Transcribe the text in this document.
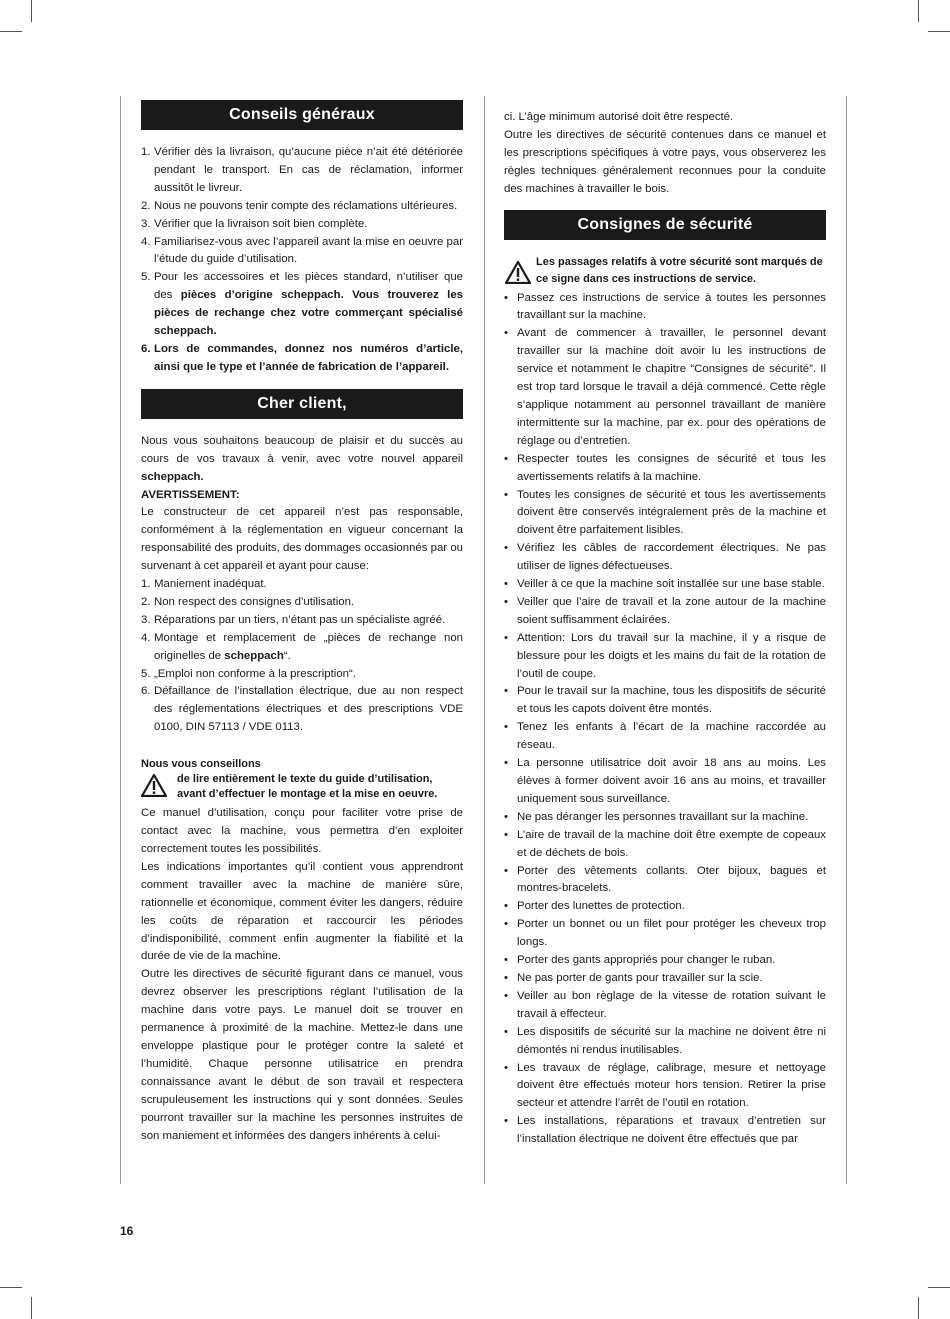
Conseils généraux
1. Vérifier dès la livraison, qu’aucune pièce n’ait été détériorée pendant le transport. En cas de réclamation, informer aussitôt le livreur.
2. Nous ne pouvons tenir compte des réclamations ultérieures.
3. Vérifier que la livraison soit bien complète.
4. Familiarisez-vous avec l’appareil avant la mise en oeuvre par l’étude du guide d’utilisation.
5. Pour les accessoires et les pièces standard, n’utiliser que des pièces d’origine scheppach. Vous trouverez les pièces de rechange chez votre commerçant spécialisé scheppach.
6. Lors de commandes, donnez nos numéros d’article, ainsi que le type et l’année de fabrication de l’appareil.
Cher client,

Nous vous souhaitons beaucoup de plaisir et du succès au cours de vos travaux à venir, avec votre nouvel appareil scheppach.

AVERTISSEMENT:

Le constructeur de cet appareil n’est pas responsable, conformément à la réglementation en vigueur concernant la responsabilité des produits, des dommages occasionnés par ou survenant à cet appareil et ayant pour cause:

1. Maniement inadéquat.
2. Non respect des consignes d’utilisation.
3. Réparations par un tiers, n’étant pas un spécialiste agréé.
4. Montage et remplacement de „pièces de rechange non originelles de scheppach“.
5. „Emploi non conforme à la prescription“.
6. Défaillance de l’installation électrique, due au non respect des réglementations électriques et des prescriptions VDE 0100, DIN 57113 / VDE 0113.
Nous vous conseillons
de lire entièrement le texte du guide d’utilisation,
avant d’effectuer le montage et la mise en oeuvre.

Ce manuel d’utilisation, conçu pour faciliter votre prise de contact avec la machine, vous permettra d’en exploiter correctement toutes les possibilités.

Les indications importantes qu’il contient vous apprendront comment travailler avec la machine de manière sûre, rationnelle et économique, comment éviter les dangers, réduire les coûts de réparation et raccourcir les périodes d’indisponibilité, comment enfin augmenter la fiabilité et la durée de vie de la machine.

Outre les directives de sécurité figurant dans ce manuel, vous devrez observer les prescriptions réglant l’utilisation de la machine dans votre pays. Le manuel doit se trouver en permanence à proximité de la machine. Mettez-le dans une enveloppe plastique pour le protéger contre la saleté et l’humidité. Chaque personne utilisatrice en prendra connaissance avant le début de son travail et respectera scrupuleusement les instructions qui y sont données. Seules pourront travailler sur la machine les personnes instruites de son maniement et informées des dangers inhérents à celui-

ci. L’âge minimum autorisé doit être respecté.

Outre les directives de sécurité contenues dans ce manuel et les prescriptions spécifiques à votre pays, vous observerez les règles techniques généralement reconnues pour la conduite des machines à travailler le bois.

Consignes de sécurité
Les passages relatifs à votre sécurité sont marqués de
ce signe dans ces instructions de service.
• Passez ces instructions de service à toutes les personnes travaillant sur la machine.
• Avant de commencer à travailler, le personnel devant travailler sur la machine doit avoir lu les instructions de service et notamment le chapitre “Consignes de sécurité”. Il est trop tard lorsque le travail a déjà commencé. Cette règle s’applique notamment au personnel travaillant de manière intermittente sur la machine, par ex. pour des opérations de réglage ou d’entretien.
• Respecter toutes les consignes de sécurité et tous les avertissements relatifs à la machine.
• Toutes les consignes de sécurité et tous les avertissements doivent être conservés intégralement près de la machine et doivent être parfaitement lisibles.
• Vérifiez les câbles de raccordement électriques. Ne pas utiliser de lignes défectueuses.
• Veiller à ce que la machine soit installée sur une base stable.
• Veiller que l’aire de travail et la zone autour de la machine soient suffisamment éclairées.
• Attention: Lors du travail sur la machine, il y a risque de blessure pour les doigts et les mains du fait de la rotation de l’outil de coupe.
• Pour le travail sur la machine, tous les dispositifs de sécurité et tous les capots doivent être montés.
• Tenez les enfants à l’écart de la machine raccordée au réseau.
• La personne utilisatrice doit avoir 18 ans au moins. Les élèves à former doivent avoir 16 ans au moins, et travailler uniquement sous surveillance.
• Ne pas déranger les personnes travaillant sur la machine.
• L’aire de travail de la machine doit être exempte de copeaux et de déchets de bois.
• Porter des vêtements collants. Oter bijoux, bagues et montres-bracelets.
• Porter des lunettes de protection.
• Porter un bonnet ou un filet pour protéger les cheveux trop longs.
• Porter des gants appropriés pour changer le ruban.
• Ne pas porter de gants pour travailler sur la scie.
• Veiller au bon règlage de la vitesse de rotation suivant le travail à effecteur.
• Les dispositifs de sécurité sur la machine ne doivent être ni démontés ni rendus inutilisables.
• Les travaux de réglage, calibrage, mesure et nettoyage doivent être effectués moteur hors tension. Retirer la prise secteur et attendre l’arrêt de l’outil en rotation.
• Les installations, réparations et travaux d’entretien sur l’installation électrique ne doivent être effectués que par
16
